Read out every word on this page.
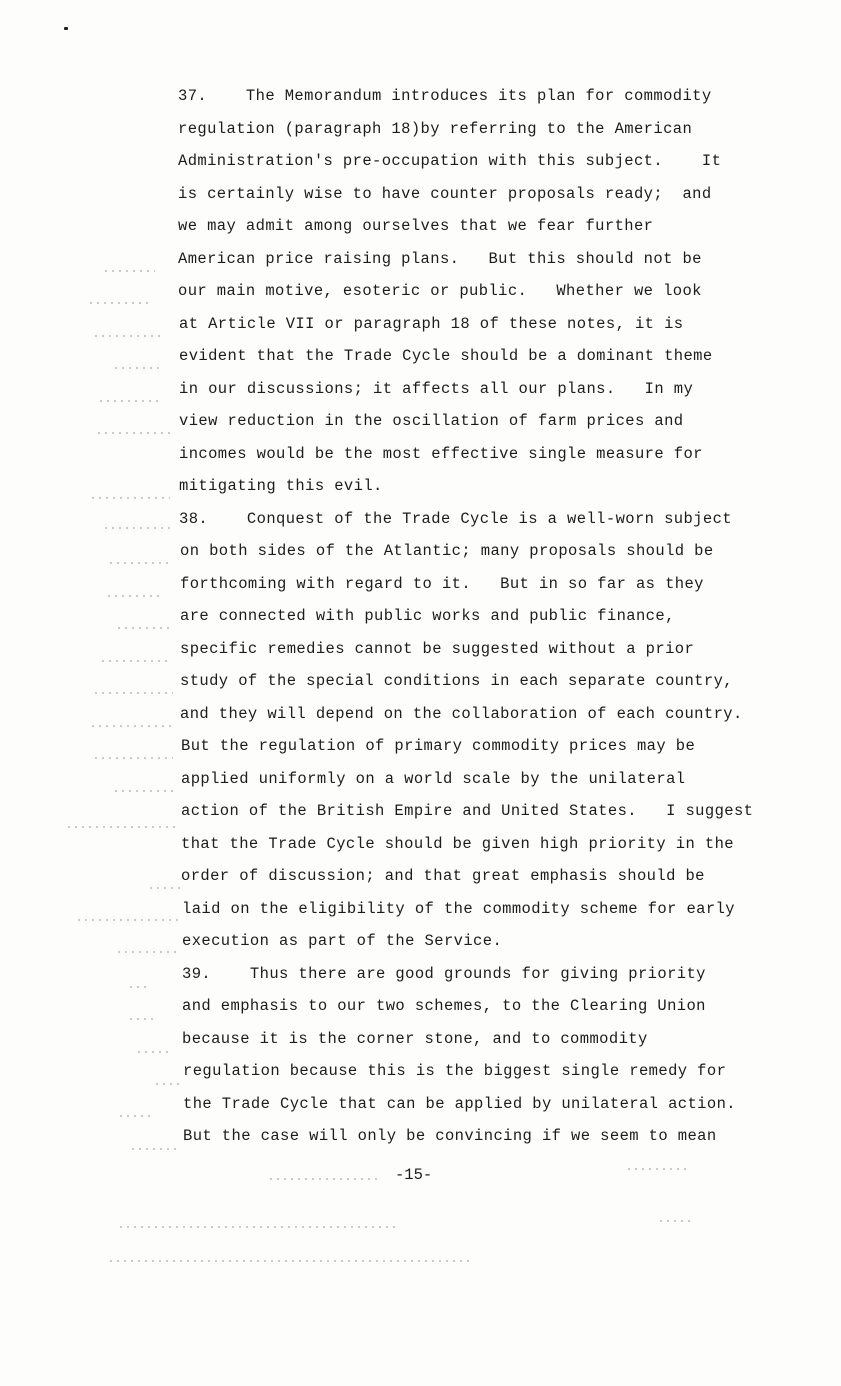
37.    The Memorandum introduces its plan for commodity
regulation (paragraph 18)by referring to the American
Administration's pre-occupation with this subject.    It
is certainly wise to have counter proposals ready;  and
we may admit among ourselves that we fear further
American price raising plans.   But this should not be
our main motive, esoteric or public.   Whether we look
at Article VII or paragraph 18 of these notes, it is
evident that the Trade Cycle should be a dominant theme
in our discussions; it affects all our plans.   In my
view reduction in the oscillation of farm prices and
incomes would be the most effective single measure for
mitigating this evil.
38.    Conquest of the Trade Cycle is a well-worn subject
on both sides of the Atlantic; many proposals should be
forthcoming with regard to it.   But in so far as they
are connected with public works and public finance,
specific remedies cannot be suggested without a prior
study of the special conditions in each separate country,
and they will depend on the collaboration of each country.
But the regulation of primary commodity prices may be
applied uniformly on a world scale by the unilateral
action of the British Empire and United States.   I suggest
that the Trade Cycle should be given high priority in the
order of discussion; and that great emphasis should be
laid on the eligibility of the commodity scheme for early
execution as part of the Service.
39.    Thus there are good grounds for giving priority
and emphasis to our two schemes, to the Clearing Union
because it is the corner stone, and to commodity
regulation because this is the biggest single remedy for
the Trade Cycle that can be applied by unilateral action.
But the case will only be convincing if we seem to mean
-15-
